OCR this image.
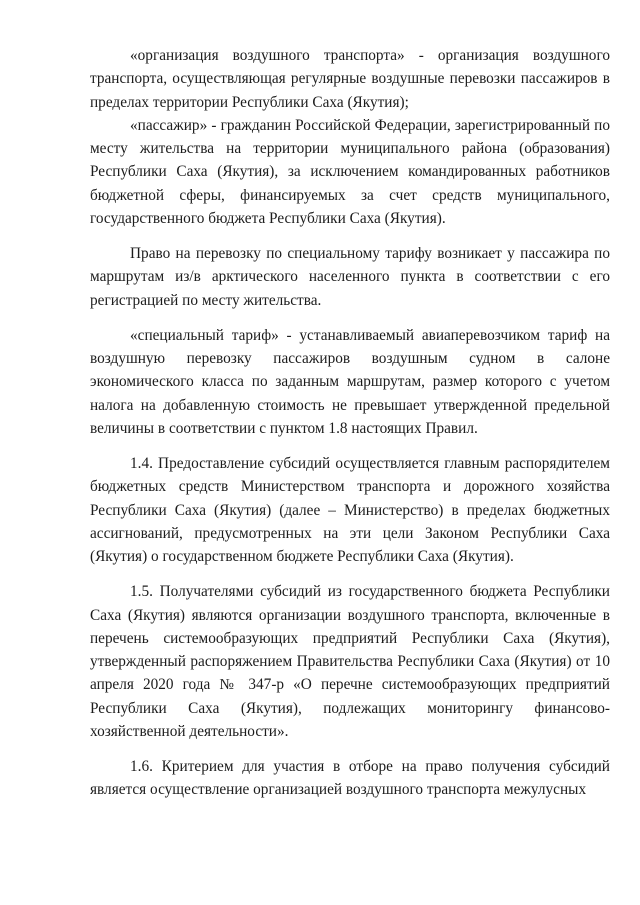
«организация воздушного транспорта» - организация воздушного транспорта, осуществляющая регулярные воздушные перевозки пассажиров в пределах территории Республики Саха (Якутия);

«пассажир» - гражданин Российской Федерации, зарегистрированный по месту жительства на территории муниципального района (образования) Республики Саха (Якутия), за исключением командированных работников бюджетной сферы, финансируемых за счет средств муниципального, государственного бюджета Республики Саха (Якутия).

Право на перевозку по специальному тарифу возникает у пассажира по маршрутам из/в арктического населенного пункта в соответствии с его регистрацией по месту жительства.

«специальный тариф» - устанавливаемый авиаперевозчиком тариф на воздушную перевозку пассажиров воздушным судном в салоне экономического класса по заданным маршрутам, размер которого с учетом налога на добавленную стоимость не превышает утвержденной предельной величины в соответствии с пунктом 1.8 настоящих Правил.

1.4. Предоставление субсидий осуществляется главным распорядителем бюджетных средств Министерством транспорта и дорожного хозяйства Республики Саха (Якутия) (далее – Министерство) в пределах бюджетных ассигнований, предусмотренных на эти цели Законом Республики Саха (Якутия) о государственном бюджете Республики Саха (Якутия).

1.5. Получателями субсидий из государственного бюджета Республики Саха (Якутия) являются организации воздушного транспорта, включенные в перечень системообразующих предприятий Республики Саха (Якутия), утвержденный распоряжением Правительства Республики Саха (Якутия) от 10 апреля 2020 года № 347-р «О перечне системообразующих предприятий Республики Саха (Якутия), подлежащих мониторингу финансово-хозяйственной деятельности».

1.6. Критерием для участия в отборе на право получения субсидий является осуществление организацией воздушного транспорта межулусных
